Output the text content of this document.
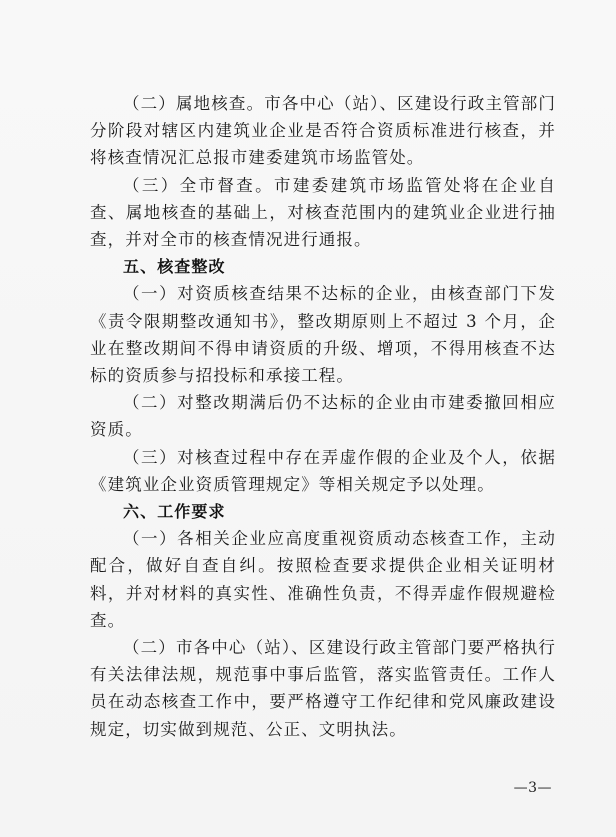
（二）属地核查。市各中心（站）、区建设行政主管部门分阶段对辖区内建筑业企业是否符合资质标准进行核查，并将核查情况汇总报市建委建筑市场监管处。

（三）全市督查。市建委建筑市场监管处将在企业自查、属地核查的基础上，对核查范围内的建筑业企业进行抽查，并对全市的核查情况进行通报。

五、核查整改

（一）对资质核查结果不达标的企业，由核查部门下发《责令限期整改通知书》，整改期原则上不超过 3 个月，企业在整改期间不得申请资质的升级、增项，不得用核查不达标的资质参与招投标和承接工程。

（二）对整改期满后仍不达标的企业由市建委撤回相应资质。

（三）对核查过程中存在弄虚作假的企业及个人，依据《建筑业企业资质管理规定》等相关规定予以处理。

六、工作要求

（一）各相关企业应高度重视资质动态核查工作，主动配合，做好自查自纠。按照检查要求提供企业相关证明材料，并对材料的真实性、准确性负责，不得弄虚作假规避检查。

（二）市各中心（站）、区建设行政主管部门要严格执行有关法律法规，规范事中事后监管，落实监管责任。工作人员在动态核查工作中，要严格遵守工作纪律和党风廉政建设规定，切实做到规范、公正、文明执法。

—3—
